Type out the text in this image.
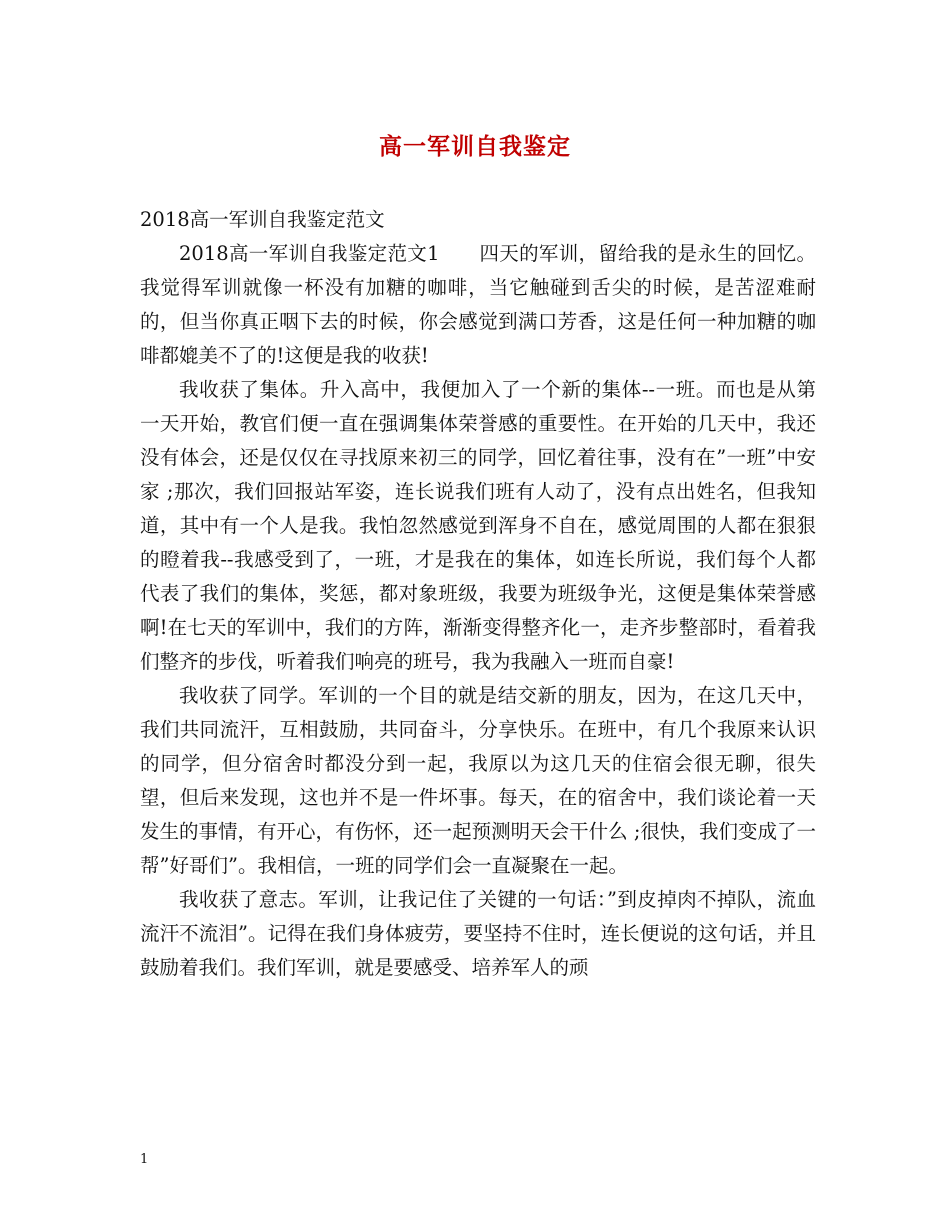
高一军训自我鉴定

2018高一军训自我鉴定范文

2018高一军训自我鉴定范文1　　四天的军训，留给我的是永生的回忆。我觉得军训就像一杯没有加糖的咖啡，当它触碰到舌尖的时候，是苦涩难耐的，但当你真正咽下去的时候，你会感觉到满口芳香，这是任何一种加糖的咖啡都媲美不了的!这便是我的收获!

我收获了集体。升入高中，我便加入了一个新的集体--一班。而也是从第一天开始，教官们便一直在强调集体荣誉感的重要性。在开始的几天中，我还没有体会，还是仅仅在寻找原来初三的同学，回忆着往事，没有在”一班”中安家 ;那次，我们回报站军姿，连长说我们班有人动了，没有点出姓名，但我知道，其中有一个人是我。我怕忽然感觉到浑身不自在，感觉周围的人都在狠狠的瞪着我--我感受到了，一班，才是我在的集体，如连长所说，我们每个人都代表了我们的集体，奖惩，都对象班级，我要为班级争光，这便是集体荣誉感啊!在七天的军训中，我们的方阵，渐渐变得整齐化一，走齐步整部时，看着我们整齐的步伐，听着我们响亮的班号，我为我融入一班而自豪!

我收获了同学。军训的一个目的就是结交新的朋友，因为，在这几天中，我们共同流汗，互相鼓励，共同奋斗，分享快乐。在班中，有几个我原来认识的同学，但分宿舍时都没分到一起，我原以为这几天的住宿会很无聊，很失望，但后来发现，这也并不是一件坏事。每天，在的宿舍中，我们谈论着一天发生的事情，有开心，有伤怀，还一起预测明天会干什么 ;很快，我们变成了一帮”好哥们”。我相信，一班的同学们会一直凝聚在一起。

我收获了意志。军训，让我记住了关键的一句话：”到皮掉肉不掉队，流血流汗不流泪”。记得在我们身体疲劳，要坚持不住时，连长便说的这句话，并且鼓励着我们。我们军训，就是要感受、培养军人的顽

1
